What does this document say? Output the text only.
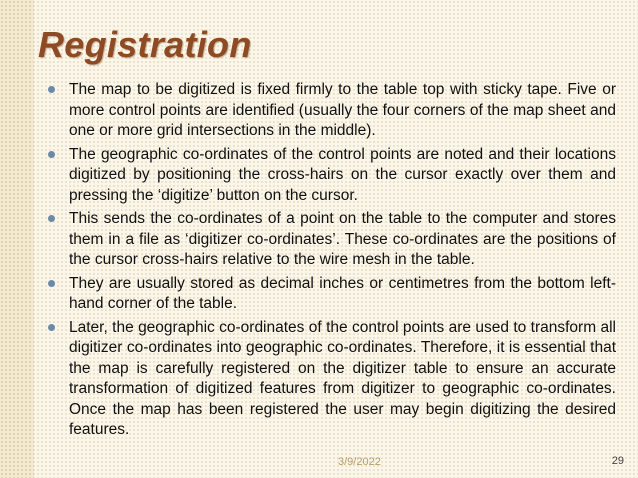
Registration
The map to be digitized is fixed firmly to the table top with sticky tape. Five or more control points are identified (usually the four corners of the map sheet and one or more grid intersections in the middle).
The geographic co-ordinates of the control points are noted and their locations digitized by positioning the cross-hairs on the cursor exactly over them and pressing the ‘digitize’ button on the cursor.
This sends the co-ordinates of a point on the table to the computer and stores them in a file as ‘digitizer co-ordinates’. These co-ordinates are the positions of the cursor cross-hairs relative to the wire mesh in the table.
They are usually stored as decimal inches or centimetres from the bottom left-hand corner of the table.
Later, the geographic co-ordinates of the control points are used to transform all digitizer co-ordinates into geographic co-ordinates. Therefore, it is essential that the map is carefully registered on the digitizer table to ensure an accurate transformation of digitized features from digitizer to geographic co-ordinates. Once the map has been registered the user may begin digitizing the desired features.
3/9/2022	29
